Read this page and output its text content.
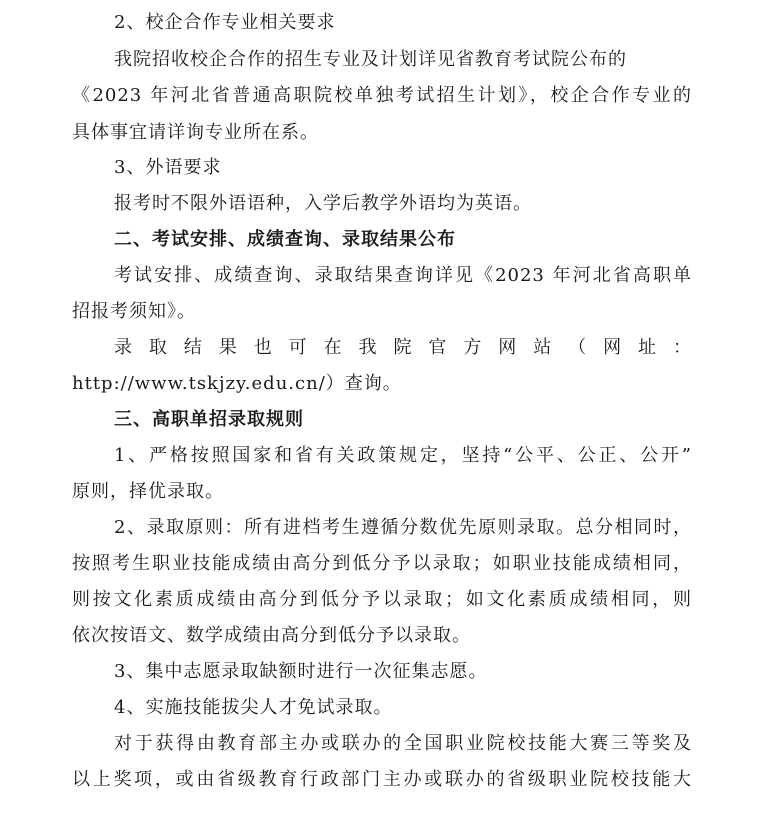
2、校企合作专业相关要求
我院招收校企合作的招生专业及计划详见省教育考试院公布的
《2023 年河北省普通高职院校单独考试招生计划》，校企合作专业的
具体事宜请详询专业所在系。
3、外语要求
报考时不限外语语种，入学后教学外语均为英语。
二、考试安排、成绩查询、录取结果公布
考试安排、成绩查询、录取结果查询详见《2023 年河北省高职单
招报考须知》。
录 取 结 果 也 可 在 我 院 官 方 网 站 （ 网 址 ：
http://www.tskjzy.edu.cn/）查询。
三、高职单招录取规则
1、严格按照国家和省有关政策规定，坚持“公平、公正、公开”
原则，择优录取。
2、录取原则：所有进档考生遵循分数优先原则录取。总分相同时，
按照考生职业技能成绩由高分到低分予以录取；如职业技能成绩相同，
则按文化素质成绩由高分到低分予以录取；如文化素质成绩相同，则
依次按语文、数学成绩由高分到低分予以录取。
3、集中志愿录取缺额时进行一次征集志愿。
4、实施技能拔尖人才免试录取。
对于获得由教育部主办或联办的全国职业院校技能大赛三等奖及
以上奖项，或由省级教育行政部门主办或联办的省级职业院校技能大
